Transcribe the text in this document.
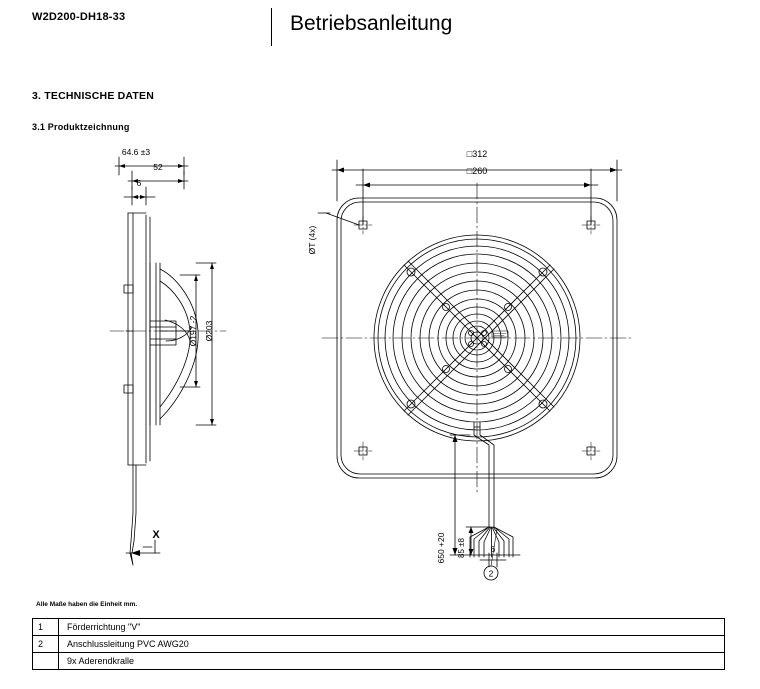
W2D200-DH18-33	Betriebsanleitung
3. TECHNISCHE DATEN
3.1 Produktzeichnung
64.6 ±3
52
6
Ø197 -2 Ø203
X
□312
□260
ØT (4x)
650 +20 85 ±8	6
2
Alle Maße haben die Einheit mm.
1	Förderrichtung "V"
2	Anschlussleitung PVC AWG20
	9x Aderendkralle
